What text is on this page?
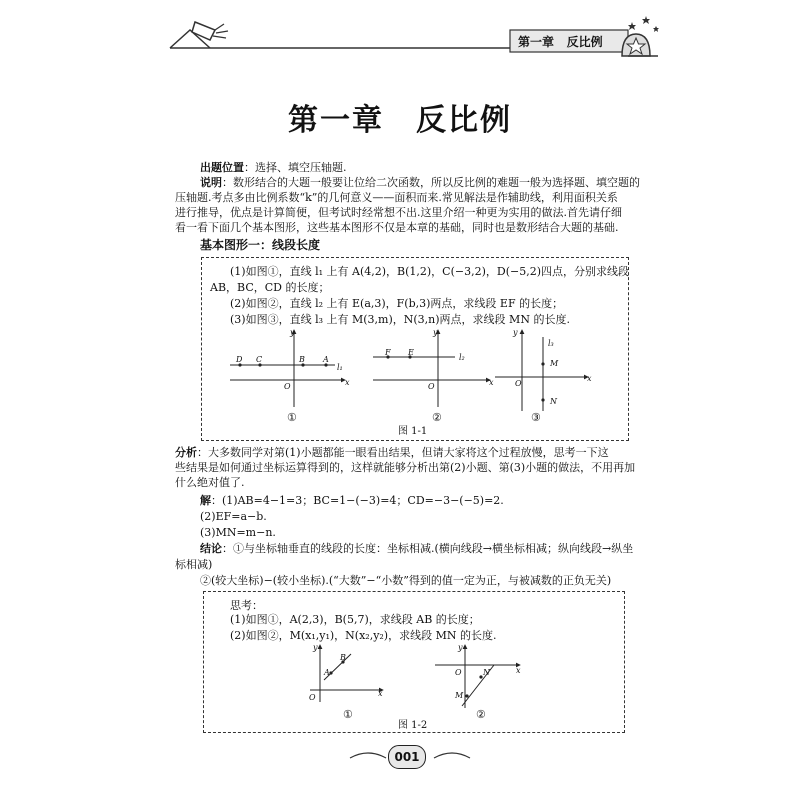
第一章 反比例
第一章　反比例
出题位置：选择、填空压轴题.
说明：数形结合的大题一般要让位给二次函数，所以反比例的难题一般为选择题、填空题的
压轴题.考点多由比例系数“k”的几何意义——面积而来.常见解法是作辅助线，利用面积关系
进行推导，优点是计算简便，但考试时经常想不出.这里介绍一种更为实用的做法.首先请仔细
看一看下面几个基本图形，这些基本图形不仅是本章的基础，同时也是数形结合大题的基础.
基本图形一：线段长度
(1)如图①，直线 l₁ 上有 A(4,2)，B(1,2)，C(−3,2)，D(−5,2)四点，分别求线段
AB，BC，CD 的长度；
(2)如图②，直线 l₂ 上有 E(a,3)，F(b,3)两点，求线段 EF 的长度；
(3)如图③，直线 l₃ 上有 M(3,m)，N(3,n)两点，求线段 MN 的长度.
y
x
O
D C	B A
l₁
y
x
O
F E
l₂
y
x
O
l₃
M
N
①	②	③
图 1-1
分析：大多数同学对第(1)小题都能一眼看出结果，但请大家将这个过程放慢，思考一下这
些结果是如何通过坐标运算得到的，这样就能够分析出第(2)小题、第(3)小题的做法，不用再加
什么绝对值了.
解：(1)AB=4−1=3；BC=1−(−3)=4；CD=−3−(−5)=2.
(2)EF=a−b.
(3)MN=m−n.
结论：①与坐标轴垂直的线段的长度：坐标相减.(横向线段→横坐标相减；纵向线段→纵坐
标相减)
②(较大坐标)−(较小坐标).(“大数”−“小数”得到的值一定为正，与被减数的正负无关)
思考：
(1)如图①，A(2,3)，B(5,7)，求线段 AB 的长度；
(2)如图②，M(x₁,y₁)，N(x₂,y₂)，求线段 MN 的长度.
y
x
O
A
B
y
x
O
M
N
①	②
图 1-2
001
